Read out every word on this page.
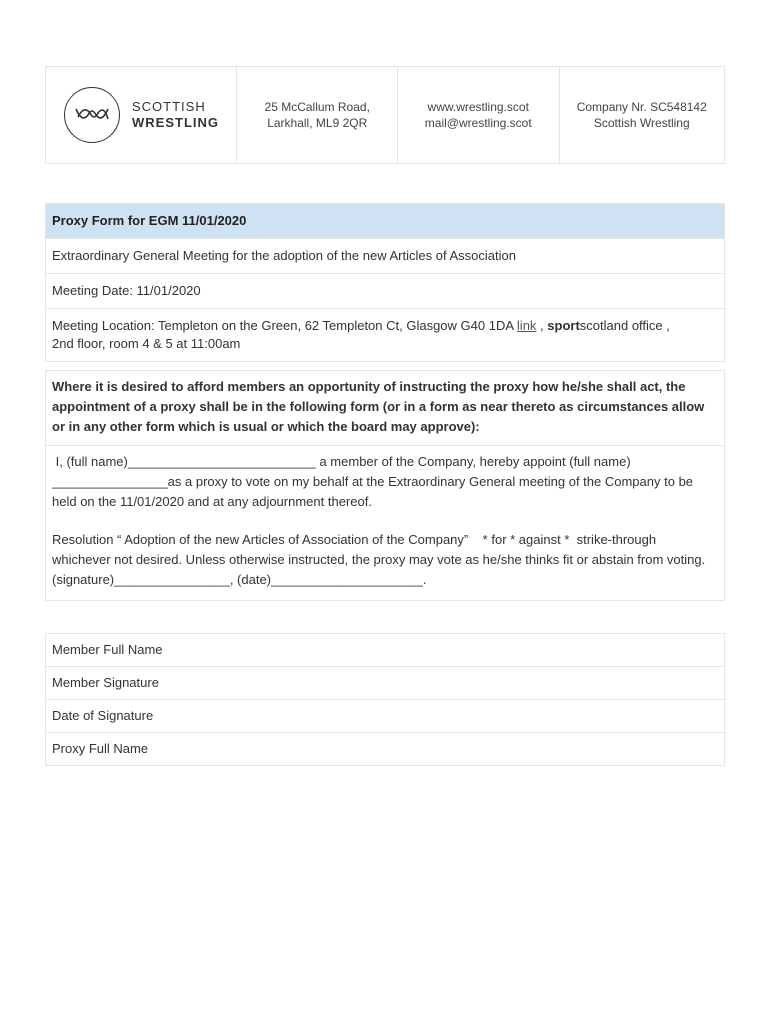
SCOTTISH
WRESTLING
25 McCallum Road,
Larkhall, ML9 2QR
www.wrestling.scot
mail@wrestling.scot
Company Nr. SC548142
Scottish Wrestling
Proxy Form for EGM 11/01/2020
Extraordinary General Meeting for the adoption of the new Articles of Association
Meeting Date: 11/01/2020
Meeting Location: Templeton on the Green, 62 Templeton Ct, Glasgow G40 1DA link , sportscotland office ,
2nd floor, room 4 & 5 at 11:00am
Where it is desired to afford members an opportunity of instructing the proxy how he/she shall act, the appointment of a proxy shall be in the following form (or in a form as near thereto as circumstances allow or in any other form which is usual or which the board may approve):
I, (full name)__________________________ a member of the Company, hereby appoint (full name) ________________as a proxy to vote on my behalf at the Extraordinary General meeting of the Company to be held on the 11/01/2020 and at any adjournment thereof.
Resolution “ Adoption of the new Articles of Association of the Company”    * for * against *  strike-through whichever not desired. Unless otherwise instructed, the proxy may vote as he/she thinks fit or abstain from voting.  (signature)________________, (date)_____________________.
Member Full Name
Member Signature
Date of Signature
Proxy Full Name
